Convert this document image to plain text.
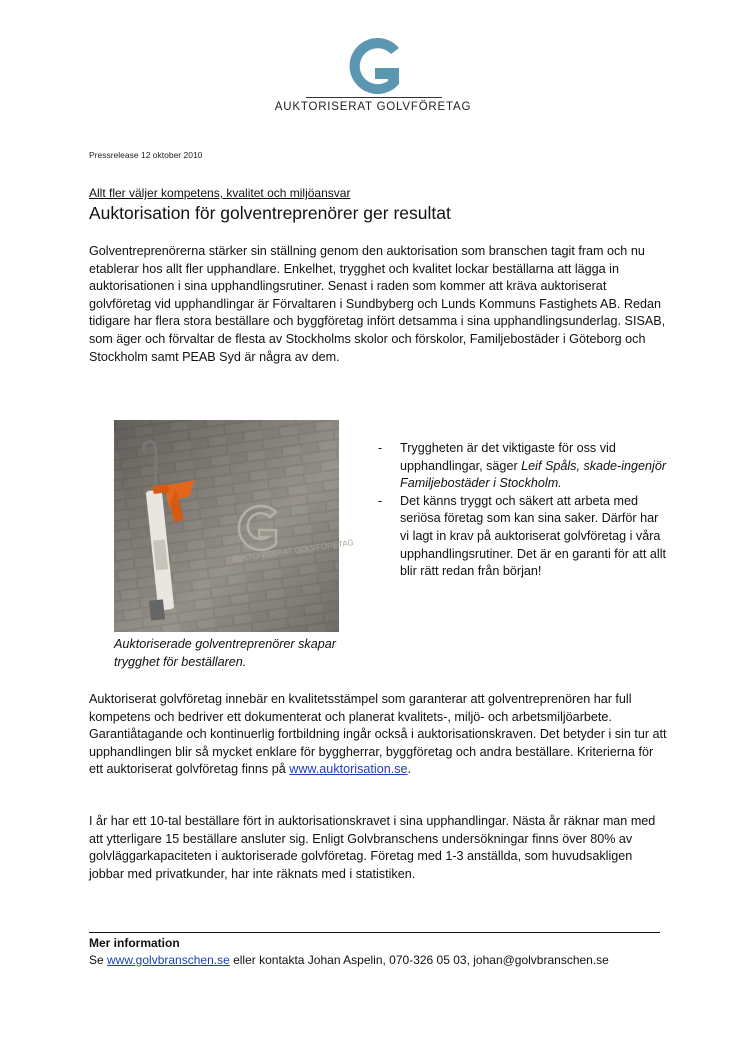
AUKTORISERAT GOLVFÖRETAG
Pressrelease 12 oktober 2010
Allt fler väljer kompetens, kvalitet och miljöansvar
Auktorisation för golventreprenörer ger resultat

Golventreprenörerna stärker sin ställning genom den auktorisation som branschen tagit fram och nu etablerar hos allt fler upphandlare. Enkelhet, trygghet och kvalitet lockar beställarna att lägga in auktorisationen i sina upphandlingsrutiner. Senast i raden som kommer att kräva auktoriserat golvföretag vid upphandlingar är Förvaltaren i Sundbyberg och Lunds Kommuns Fastighets AB. Redan tidigare har flera stora beställare och byggföretag infört detsamma i sina upphandlingsunderlag. SISAB, som äger och förvaltar de flesta av Stockholms skolor och förskolor, Familjebostäder i Göteborg och Stockholm samt PEAB Syd är några av dem.

AUKTORISERAT GOLVFÖRETAG

Auktoriserade golventreprenörer skapar trygghet för beställaren.

- Tryggheten är det viktigaste för oss vid upphandlingar, säger Leif Spåls, skade-ingenjör Familjebostäder i Stockholm.
- Det känns tryggt och säkert att arbeta med seriösa företag som kan sina saker. Därför har vi lagt in krav på auktoriserat golvföretag i våra upphandlingsrutiner. Det är en garanti för att allt blir rätt redan från början!

Auktoriserat golvföretag innebär en kvalitetsstämpel som garanterar att golventreprenören har full kompetens och bedriver ett dokumenterat och planerat kvalitets-, miljö- och arbetsmiljöarbete. Garantiåtagande och kontinuerlig fortbildning ingår också i auktorisationskraven. Det betyder i sin tur att upphandlingen blir så mycket enklare för byggherrar, byggföretag och andra beställare. Kriterierna för ett auktoriserat golvföretag finns på www.auktorisation.se.

I år har ett 10-tal beställare fört in auktorisationskravet i sina upphandlingar. Nästa år räknar man med att ytterligare 15 beställare ansluter sig. Enligt Golvbranschens undersökningar finns över 80% av golvläggarkapaciteten i auktoriserade golvföretag. Företag med 1-3 anställda, som huvudsakligen jobbar med privatkunder, har inte räknats med i statistiken.

Mer information
Se www.golvbranschen.se eller kontakta Johan Aspelin, 070-326 05 03, johan@golvbranschen.se
